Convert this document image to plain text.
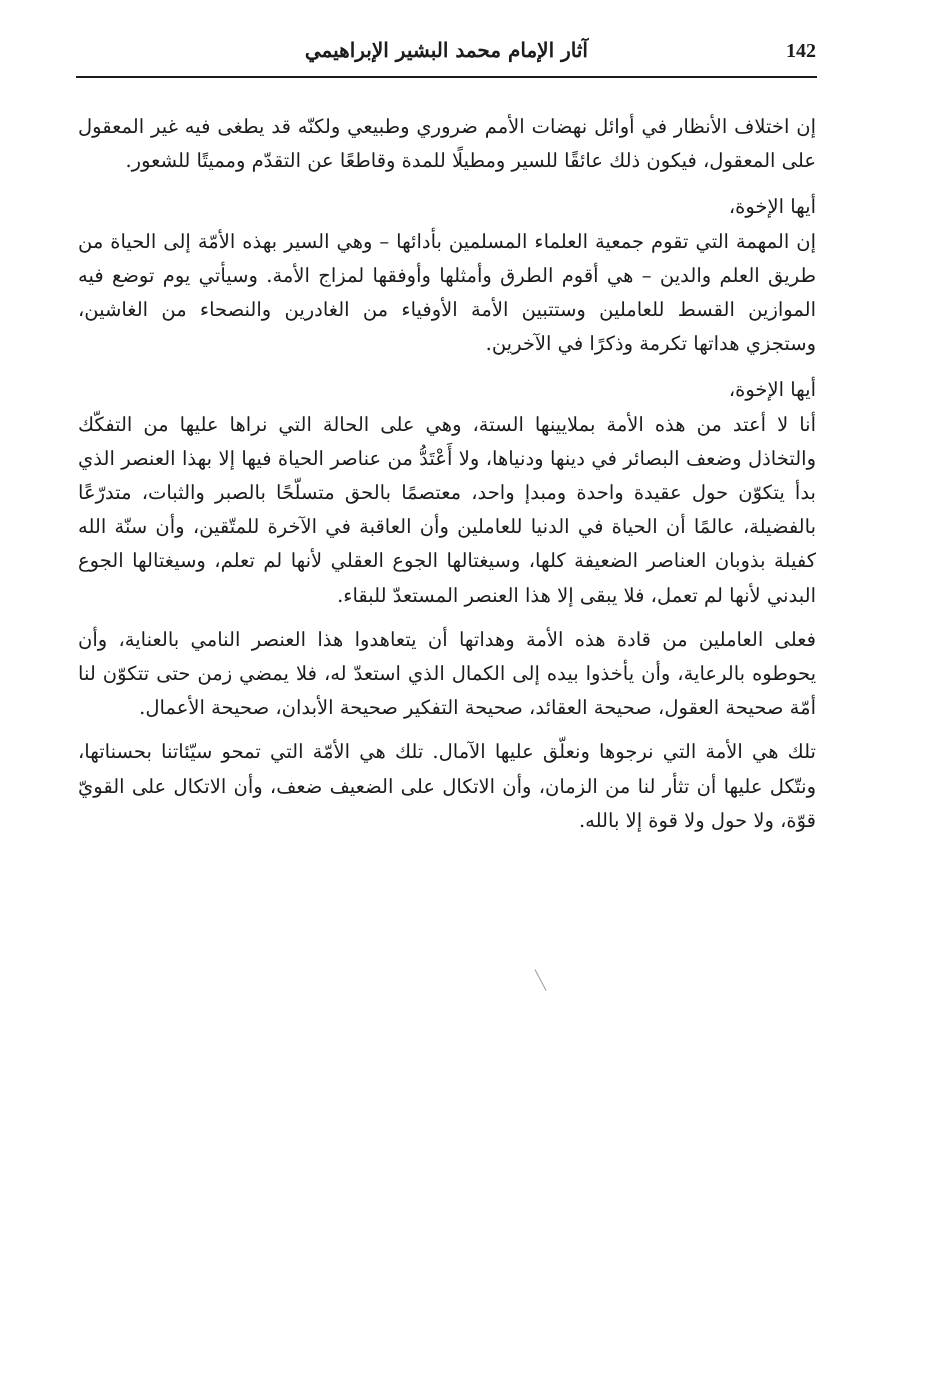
142
آثار الإمام محمد البشير الإبراهيمي

إن اختلاف الأنظار في أوائل نهضات الأمم ضروري وطبيعي ولكنّه قد يطغى فيه غير المعقول على المعقول، فيكون ذلك عائقًا للسير ومطيلًا للمدة وقاطعًا عن التقدّم ومميتًا للشعور.

أيها الإخوة،

إن المهمة التي تقوم جمعية العلماء المسلمين بأدائها – وهي السير بهذه الأمّة إلى الحياة من طريق العلم والدين – هي أقوم الطرق وأمثلها وأوفقها لمزاج الأمة. وسيأتي يوم توضع فيه الموازين القسط للعاملين وستتبين الأمة الأوفياء من الغادرين والنصحاء من الغاشين، وستجزي هداتها تكرمة وذكرًا في الآخرين.

أيها الإخوة،

أنا لا أعتد من هذه الأمة بملايينها الستة، وهي على الحالة التي نراها عليها من التفكّك والتخاذل وضعف البصائر في دينها ودنياها، ولا أَعْتَدُّ من عناصر الحياة فيها إلا بهذا العنصر الذي بدأ يتكوّن حول عقيدة واحدة ومبدإ واحد، معتصمًا بالحق متسلّحًا بالصبر والثبات، متدرّعًا بالفضيلة، عالمًا أن الحياة في الدنيا للعاملين وأن العاقبة في الآخرة للمتّقين، وأن سنّة الله كفيلة بذوبان العناصر الضعيفة كلها، وسيغتالها الجوع العقلي لأنها لم تعلم، وسيغتالها الجوع البدني لأنها لم تعمل، فلا يبقى إلا هذا العنصر المستعدّ للبقاء.

فعلى العاملين من قادة هذه الأمة وهداتها أن يتعاهدوا هذا العنصر النامي بالعناية، وأن يحوطوه بالرعاية، وأن يأخذوا بيده إلى الكمال الذي استعدّ له، فلا يمضي زمن حتى تتكوّن لنا أمّة صحيحة العقول، صحيحة العقائد، صحيحة التفكير صحيحة الأبدان، صحيحة الأعمال.

تلك هي الأمة التي نرجوها ونعلّق عليها الآمال. تلك هي الأمّة التي تمحو سيّئاتنا بحسناتها، ونتّكل عليها أن تثأر لنا من الزمان، وأن الاتكال على الضعيف ضعف، وأن الاتكال على القويّ قوّة، ولا حول ولا قوة إلا بالله.
